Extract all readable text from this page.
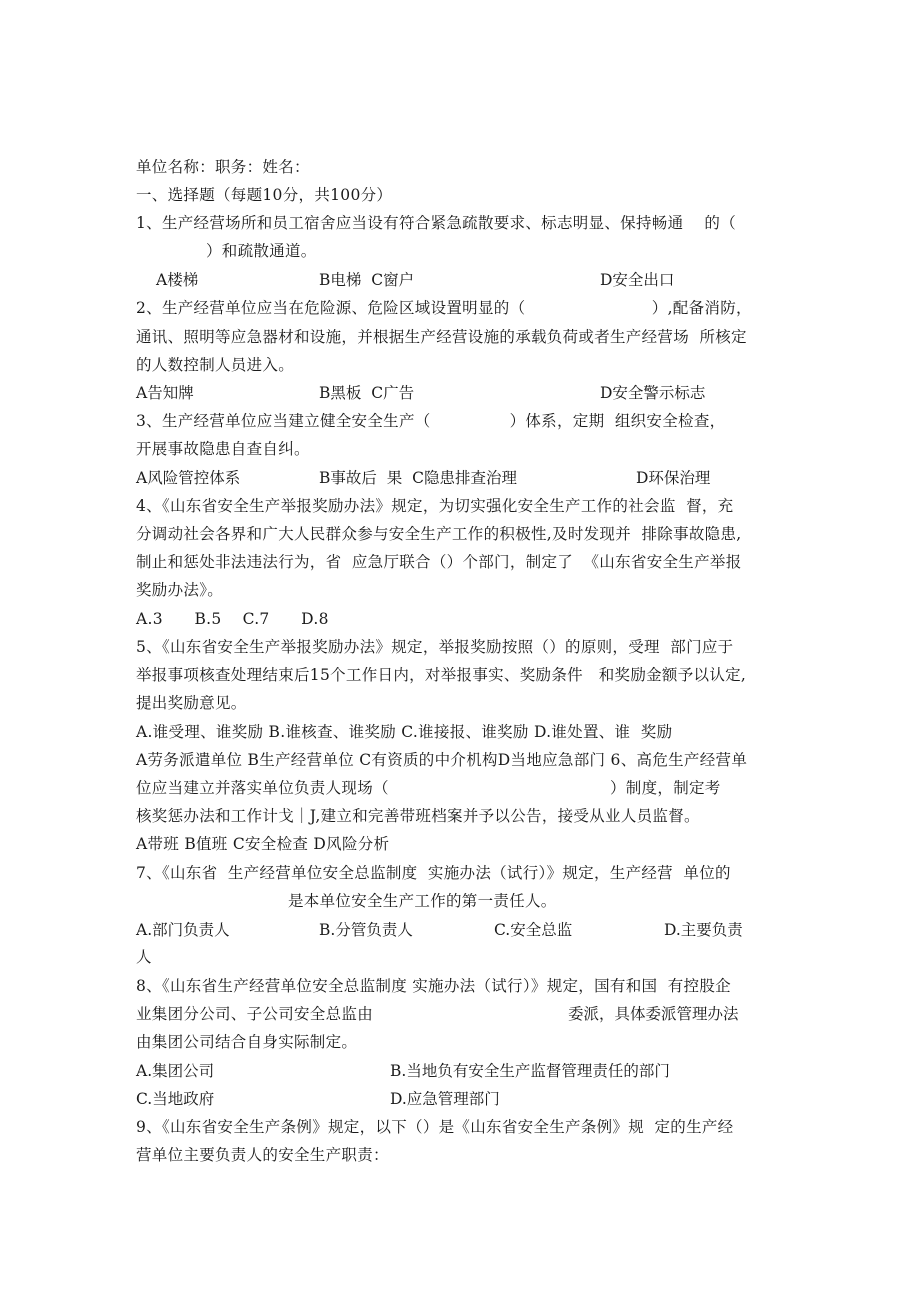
单位名称：职务：姓名：
一、选择题（每题10分，共100分）
1、生产经营场所和员工宿舍应当设有符合紧急疏散要求、标志明显、保持畅通　 的（
）和疏散通道。
A楼梯	B电梯  C窗户	D安全出口
2、生产经营单位应当在危险源、危险区域设置明显的（　　　　　　　　）,配备消防，
通讯、照明等应急器材和设施，并根据生产经营设施的承载负荷或者生产经营场  所核定
的人数控制人员进入。
A告知牌	B黑板  C广告	D安全警示标志
3、生产经营单位应当建立健全安全生产（　　　　　）体系，定期  组织安全检查，
开展事故隐患自查自纠。
A风险管控体系	B事故后  果  C隐患排查治理	D环保治理
4、《山东省安全生产举报奖励办法》规定，为切实强化安全生产工作的社会监  督，充
分调动社会各界和广大人民群众参与安全生产工作的积极性,及时发现并  排除事故隐患,
制止和惩处非法违法行为，省  应急厅联合（）个部门，制定了  《山东省安全生产举报
奖励办法》。
A.3　　B.5　 C.7　　D.8
5、《山东省安全生产举报奖励办法》规定，举报奖励按照（）的原则，受理  部门应于
举报事项核查处理结束后15个工作日内，对举报事实、奖励条件　和奖励金额予以认定,
提出奖励意见。
A.谁受理、谁奖励 B.谁核查、谁奖励 C.谁接报、谁奖励 D.谁处置、谁  奖励
A劳务派遣单位 B生产经营单位 C有资质的中介机构D当地应急部门 6、高危生产经营单
位应当建立并落实单位负责人现场（　　　　　　　　　　　　　　）制度，制定考
核奖惩办法和工作计戈｜J,建立和完善带班档案并予以公告，接受从业人员监督。
A带班 B值班 C安全检查 D风险分析
7、《山东省  生产经营单位安全总监制度  实施办法（试行）》规定，生产经营  单位的
是本单位安全生产工作的第一责任人。
A.部门负责人	B.分管负责人	C.安全总监	D.主要负责
人
8、《山东省生产经营单位安全总监制度 实施办法（试行）》规定，国有和国  有控股企
业集团分公司、子公司安全总监由	委派，具体委派管理办法
由集团公司结合自身实际制定。
A.集团公司	B.当地负有安全生产监督管理责任的部门
C.当地政府	D.应急管理部门
9、《山东省安全生产条例》规定，以下（）是《山东省安全生产条例》规  定的生产经
营单位主要负责人的安全生产职责：
